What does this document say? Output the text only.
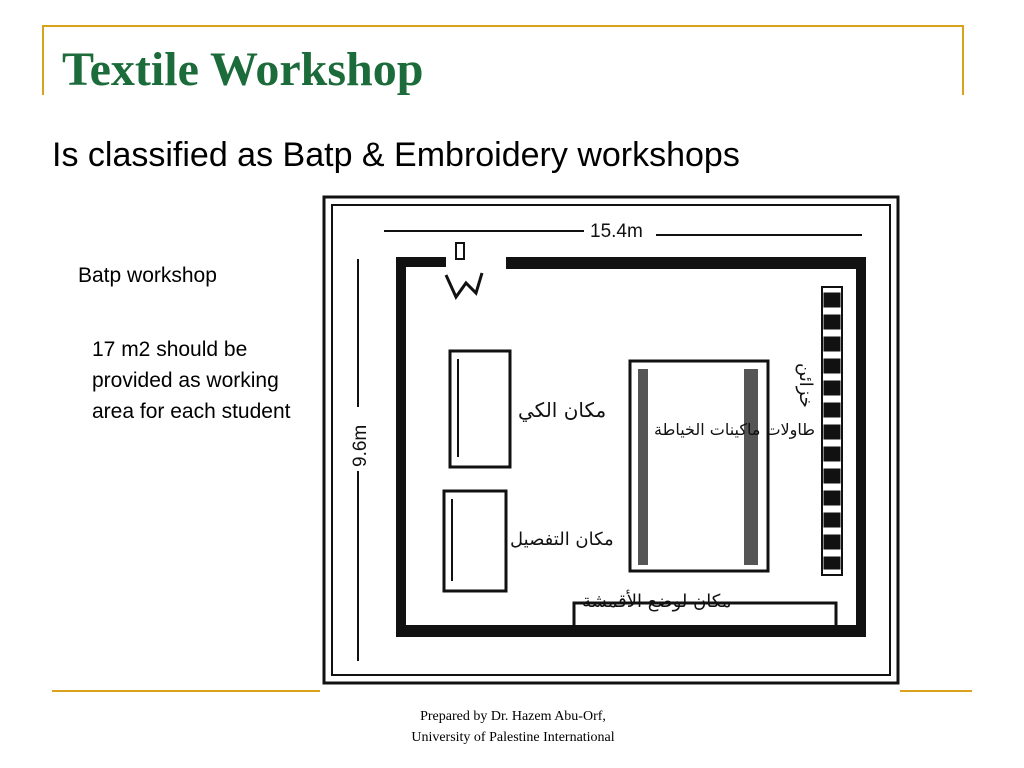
Textile Workshop
Is classified as Batp & Embroidery workshops
Batp workshop
17 m2 should be provided as working area for each student
15.4m
9.6m
خزائن
مكان الكي
مكان التفصيل
طاولات ماكينات الخياطة
مكان لوضع الأقمشة
Prepared by Dr. Hazem Abu-Orf,
University of Palestine International
